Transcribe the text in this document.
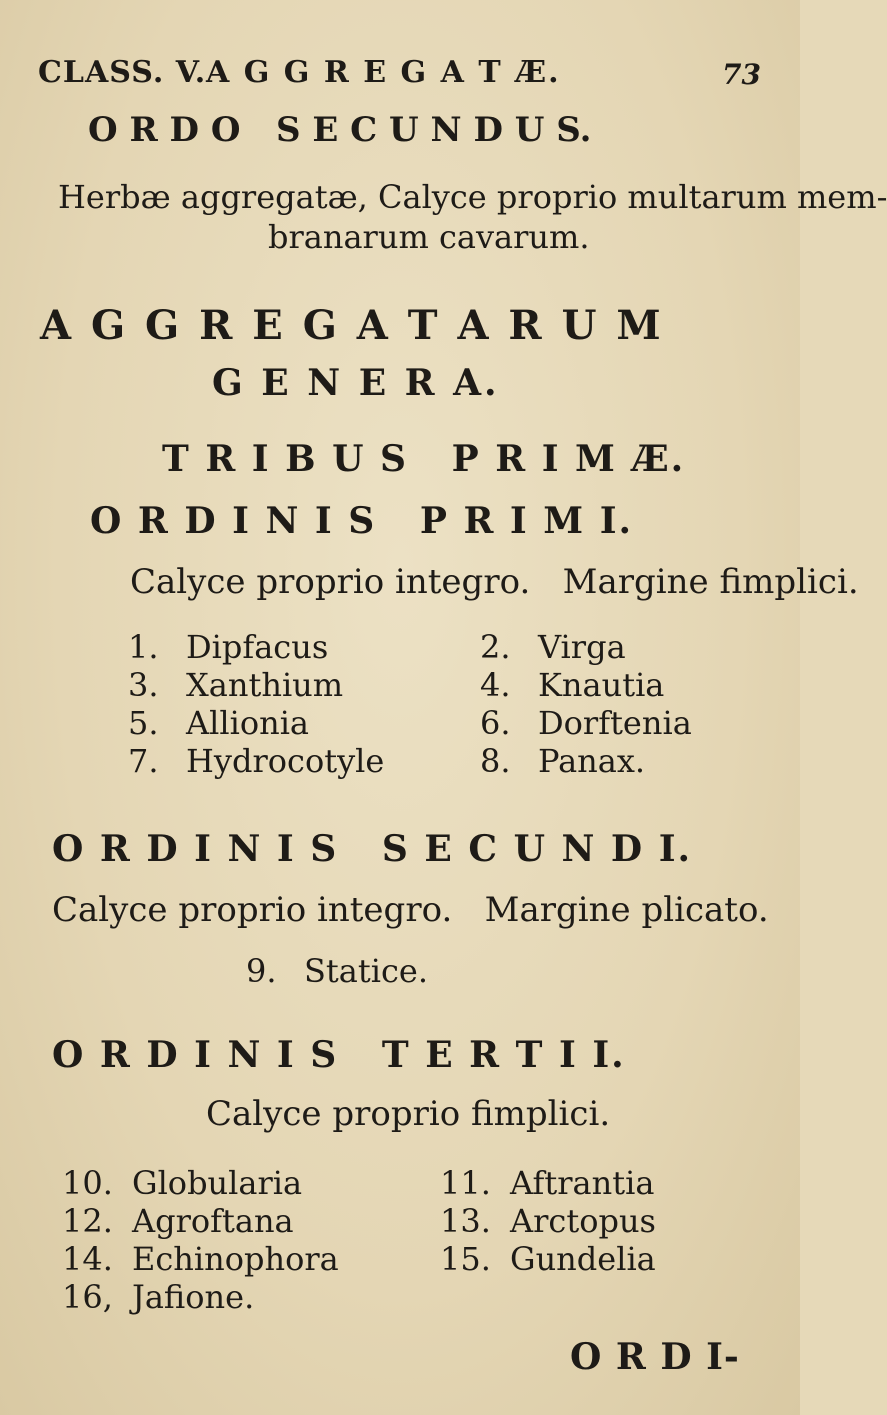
CLASS. V. A G G R E G A T Æ.	73
O R D O   S E C U N D U S.
Herbæ aggregatæ, Calyce proprio multarum mem-
branarum cavarum.
A G G R E G A T A R U M
G E N E R A.
T R I B U S   P R I M Æ.
O R D I N I S   P R I M I.
Calyce proprio integro.   Margine fimplici.
1. Dipfacus	2. Virga
3. Xanthium	4. Knautia
5. Allionia	6. Dorftenia
7. Hydrocotyle	8. Panax.
O R D I N I S   S E C U N D I.
Calyce proprio integro.   Margine plicato.
9. Statice.
O R D I N I S   T E R T I I.
Calyce proprio fimplici.
10. Globularia	11. Aftrantia
12. Agroftana	13. Arctopus
14. Echinophora	15. Gundelia
16, Jafione.
O R D I-
